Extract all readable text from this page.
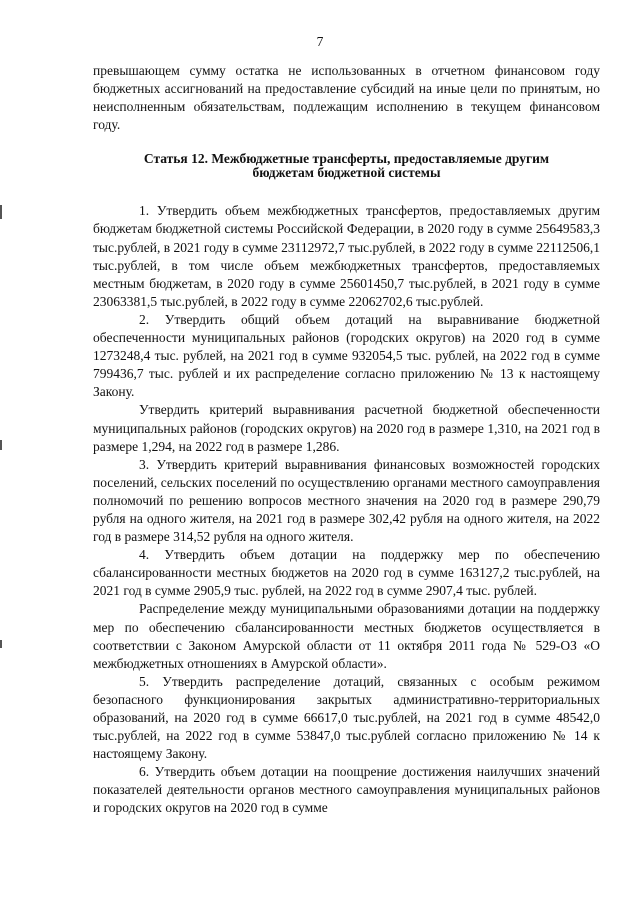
7

превышающем сумму остатка не использованных в отчетном финансовом году бюджетных ассигнований на предоставление субсидий на иные цели по принятым, но неисполненным обязательствам, подлежащим исполнению в текущем финансовом году.

Статья 12. Межбюджетные трансферты, предоставляемые другим
бюджетам бюджетной системы

1. Утвердить объем межбюджетных трансфертов, предоставляемых другим бюджетам бюджетной системы Российской Федерации, в 2020 году в сумме 25649583,3 тыс.рублей, в 2021 году в сумме 23112972,7 тыс.рублей, в 2022 году в сумме 22112506,1 тыс.рублей, в том числе объем межбюджетных трансфертов, предоставляемых местным бюджетам, в 2020 году в сумме 25601450,7 тыс.рублей, в 2021 году в сумме 23063381,5 тыс.рублей, в 2022 году в сумме 22062702,6 тыс.рублей.

2. Утвердить общий объем дотаций на выравнивание бюджетной обеспеченности муниципальных районов (городских округов) на 2020 год в сумме 1273248,4 тыс. рублей, на 2021 год в сумме 932054,5 тыс. рублей, на 2022 год в сумме 799436,7 тыс. рублей и их распределение согласно приложению № 13 к настоящему Закону.

Утвердить критерий выравнивания расчетной бюджетной обеспеченности муниципальных районов (городских округов) на 2020 год в размере 1,310, на 2021 год в размере 1,294, на 2022 год в размере 1,286.

3. Утвердить критерий выравнивания финансовых возможностей городских поселений, сельских поселений по осуществлению органами местного самоуправления полномочий по решению вопросов местного значения на 2020 год в размере 290,79 рубля на одного жителя, на 2021 год в размере 302,42 рубля на одного жителя, на 2022 год в размере 314,52 рубля на одного жителя.

4. Утвердить объем дотации на поддержку мер по обеспечению сбалансированности местных бюджетов на 2020 год в сумме 163127,2 тыс.рублей, на 2021 год в сумме 2905,9 тыс. рублей, на 2022 год в сумме 2907,4 тыс. рублей.

Распределение между муниципальными образованиями дотации на поддержку мер по обеспечению сбалансированности местных бюджетов осуществляется в соответствии с Законом Амурской области от 11 октября 2011 года № 529-ОЗ «О межбюджетных отношениях в Амурской области».

5. Утвердить распределение дотаций, связанных с особым режимом безопасного функционирования закрытых административно-территориальных образований, на 2020 год в сумме 66617,0 тыс.рублей, на 2021 год в сумме 48542,0 тыс.рублей, на 2022 год в сумме 53847,0 тыс.рублей согласно приложению № 14 к настоящему Закону.

6. Утвердить объем дотации на поощрение достижения наилучших значений показателей деятельности органов местного самоуправления муниципальных районов и городских округов на 2020 год в сумме
